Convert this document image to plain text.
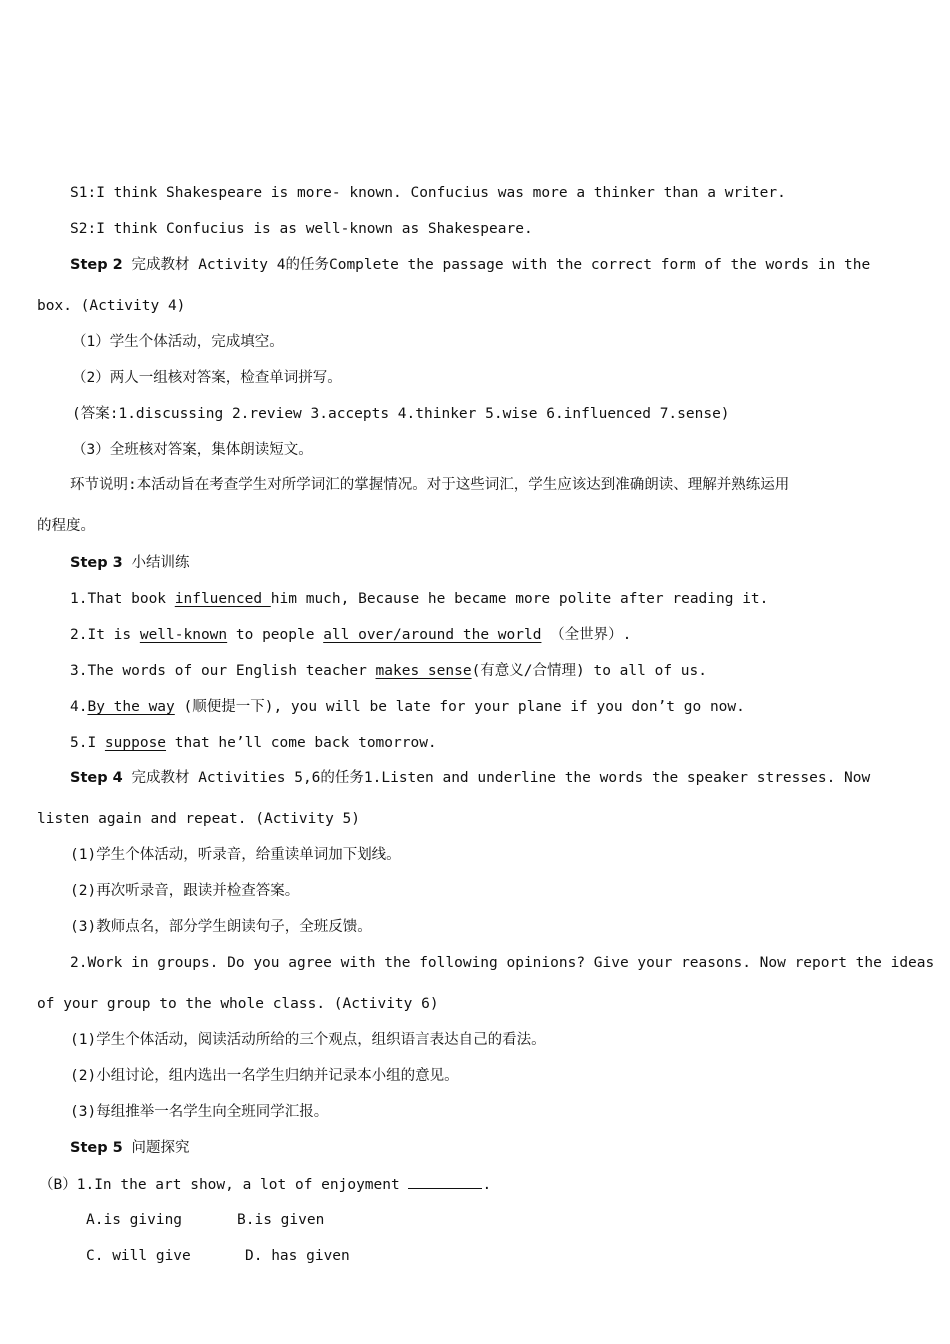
S1:I think Shakespeare is more- known. Confucius was more a thinker than a writer.
S2:I think Confucius is as well-known as Shakespeare.
Step 2 完成教材 Activity 4的任务Complete the passage with the correct form of the words in the
box. (Activity 4)
（1）学生个体活动，完成填空。
（2）两人一组核对答案，检查单词拼写。
(答案:1.discussing 2.review 3.accepts 4.thinker 5.wise 6.influenced 7.sense)
（3）全班核对答案，集体朗读短文。
环节说明:本活动旨在考查学生对所学词汇的掌握情况。对于这些词汇，学生应该达到准确朗读、理解并熟练运用
的程度。
Step 3 小结训练
1.That book influenced him much, Because he became more polite after reading it.
2.It is well-known to people all over/around the world （全世界）.
3.The words of our English teacher makes sense(有意义/合情理) to all of us.
4.By the way (顺便提一下), you will be late for your plane if you don’t go now.
5.I suppose that he’ll come back tomorrow.
Step 4 完成教材 Activities 5,6的任务1.Listen and underline the words the speaker stresses. Now
listen again and repeat. (Activity 5)
(1)学生个体活动，听录音，给重读单词加下划线。
(2)再次听录音，跟读并检查答案。
(3)教师点名，部分学生朗读句子，全班反馈。
2.Work in groups. Do you agree with the following opinions? Give your reasons. Now report the ideas
of your group to the whole class. (Activity 6)
(1)学生个体活动，阅读活动所给的三个观点，组织语言表达自己的看法。
(2)小组讨论，组内选出一名学生归纳并记录本小组的意见。
(3)每组推举一名学生向全班同学汇报。
Step 5 问题探究
（B）1.In the art show, a lot of enjoyment	.
A.is giving	B.is given
C. will give	D. has given
